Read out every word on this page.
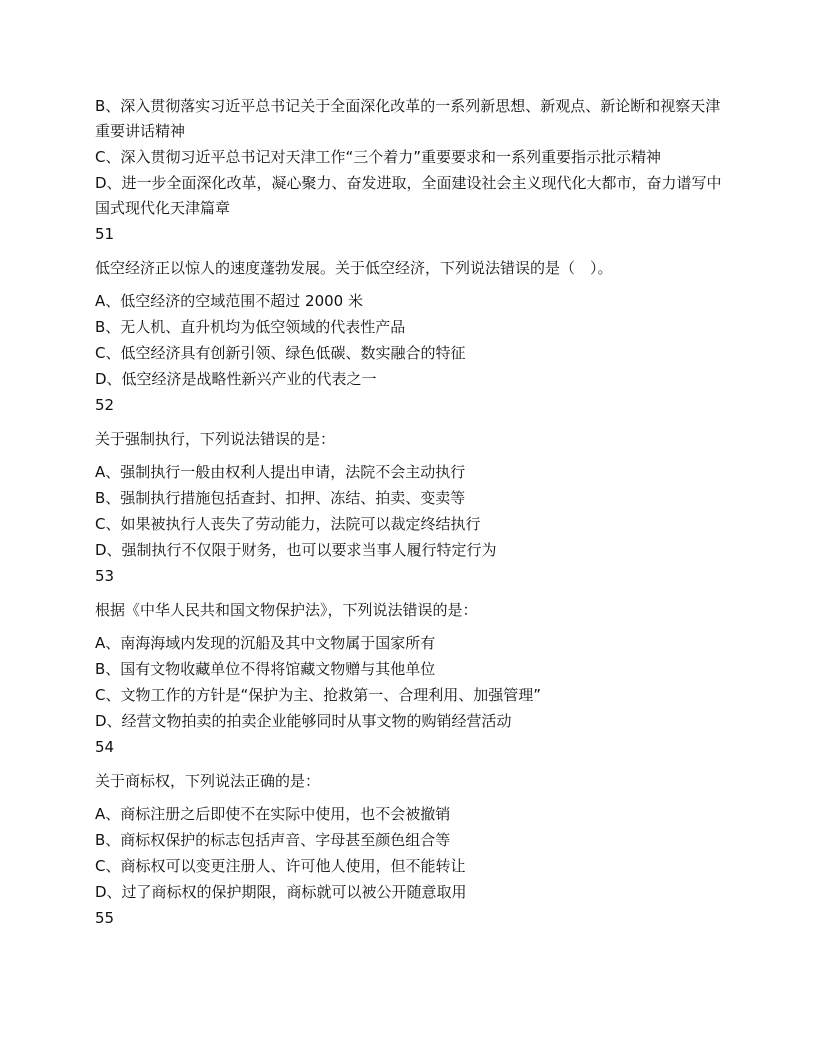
B、深入贯彻落实习近平总书记关于全面深化改革的一系列新思想、新观点、新论断和视察天津重要讲话精神
C、深入贯彻习近平总书记对天津工作“三个着力”重要要求和一系列重要指示批示精神
D、进一步全面深化改革，凝心聚力、奋发进取，全面建设社会主义现代化大都市，奋力谱写中国式现代化天津篇章
51
低空经济正以惊人的速度蓬勃发展。关于低空经济，下列说法错误的是（　）。
A、低空经济的空域范围不超过 2000 米
B、无人机、直升机均为低空领域的代表性产品
C、低空经济具有创新引领、绿色低碳、数实融合的特征
D、低空经济是战略性新兴产业的代表之一
52
关于强制执行，下列说法错误的是：
A、强制执行一般由权利人提出申请，法院不会主动执行
B、强制执行措施包括查封、扣押、冻结、拍卖、变卖等
C、如果被执行人丧失了劳动能力，法院可以裁定终结执行
D、强制执行不仅限于财务，也可以要求当事人履行特定行为
53
根据《中华人民共和国文物保护法》，下列说法错误的是：
A、南海海域内发现的沉船及其中文物属于国家所有
B、国有文物收藏单位不得将馆藏文物赠与其他单位
C、文物工作的方针是“保护为主、抢救第一、合理利用、加强管理”
D、经营文物拍卖的拍卖企业能够同时从事文物的购销经营活动
54
关于商标权，下列说法正确的是：
A、商标注册之后即使不在实际中使用，也不会被撤销
B、商标权保护的标志包括声音、字母甚至颜色组合等
C、商标权可以变更注册人、许可他人使用，但不能转让
D、过了商标权的保护期限，商标就可以被公开随意取用
55
